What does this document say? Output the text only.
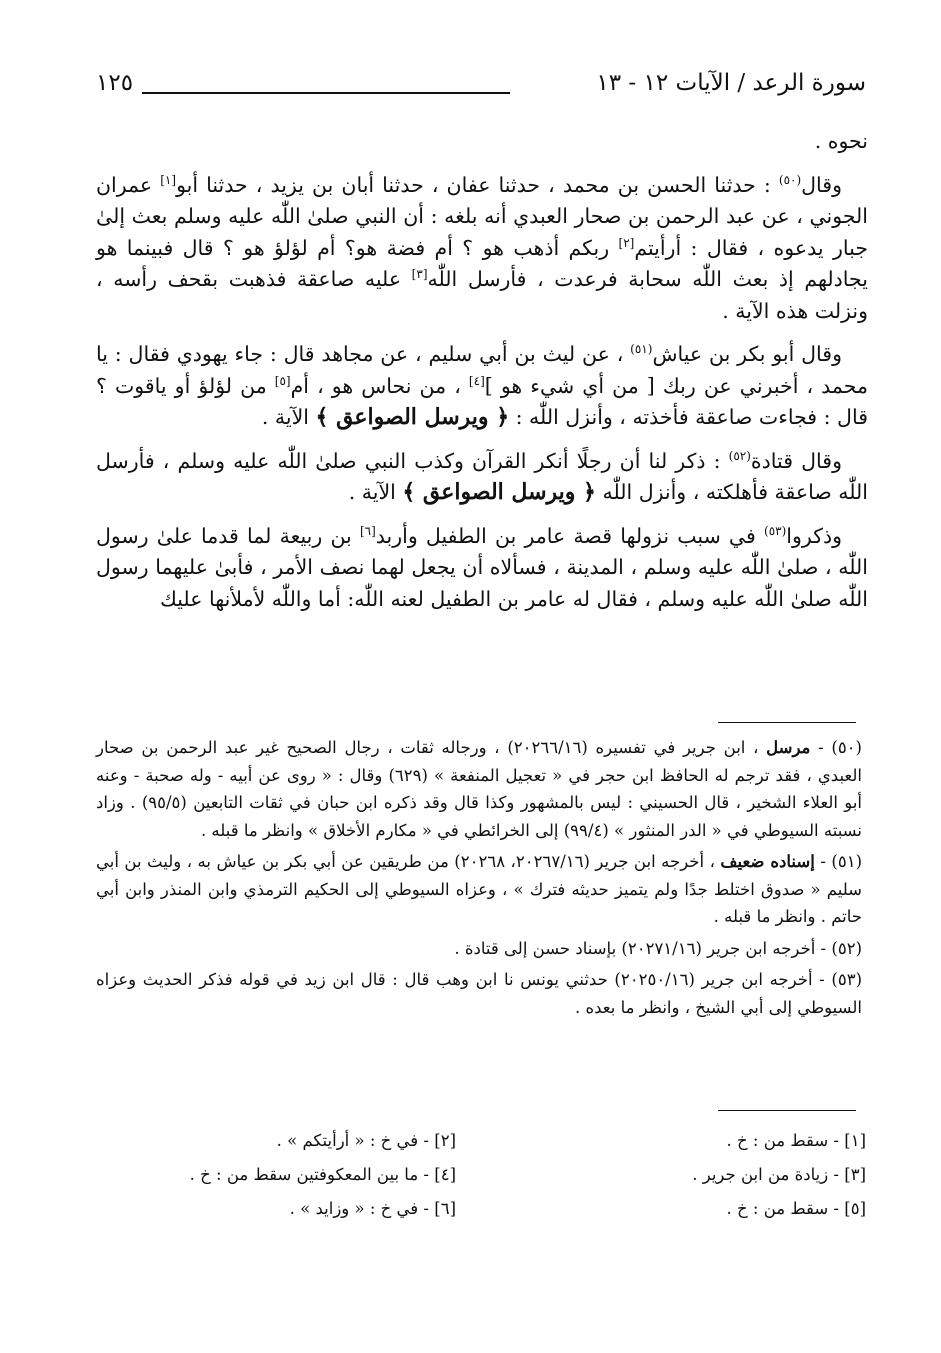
سورة الرعد / الآيات ١٢ - ١٣
١٢٥

نحوه .

وقال$^{(٥٠)}$ : حدثنا الحسن بن محمد ، حدثنا عفان ، حدثنا أبان بن يزيد ، حدثنا أبو[١] عمران الجوني ، عن عبد الرحمن بن صحار العبدي أنه بلغه : أن النبي صلىٰ اللّٰه عليه وسلم بعث إلىٰ جبار يدعوه ، فقال : أرأيتم[٢] ربكم أذهب هو ؟ أم فضة هو؟ أم لؤلؤ هو ؟ قال فبينما هو يجادلهم إذ بعث اللّٰه سحابة فرعدت ، فأرسل اللّٰه[٣] عليه صاعقة فذهبت بقحف رأسه ، ونزلت هذه الآية .

وقال أبو بكر بن عياش$^{(٥١)}$ ، عن ليث بن أبي سليم ، عن مجاهد قال : جاء يهودي فقال : يا محمد ، أخبرني عن ربك [ من أي شيء هو ][٤] ، من نحاس هو ، أم[٥] من لؤلؤ أو ياقوت ؟ قال : فجاءت صاعقة فأخذته ، وأنزل اللّٰه : ﴿ ويرسل الصواعق ﴾ الآية .

وقال قتادة$^{(٥٢)}$ : ذكر لنا أن رجلًا أنكر القرآن وكذب النبي صلىٰ اللّٰه عليه وسلم ، فأرسل اللّٰه صاعقة فأهلكته ، وأنزل اللّٰه ﴿ ويرسل الصواعق ﴾ الآية .

وذكروا$^{(٥٣)}$ في سبب نزولها قصة عامر بن الطفيل وأربد[٦] بن ربيعة لما قدما علىٰ رسول اللّٰه ، صلىٰ اللّٰه عليه وسلم ، المدينة ، فسألاه أن يجعل لهما نصف الأمر ، فأبىٰ عليهما رسول اللّٰه صلىٰ اللّٰه عليه وسلم ، فقال له عامر بن الطفيل لعنه اللّٰه: أما واللّٰه لأملأنها عليك

(٥٠) - مرسل ، ابن جرير في تفسيره (٢٠٢٦٦/١٦) ، ورجاله ثقات ، رجال الصحيح غير عبد الرحمن بن صحار العبدي ، فقد ترجم له الحافظ ابن حجر في « تعجيل المنفعة » (٦٢٩) وقال : « روى عن أبيه - وله صحبة - وعنه أبو العلاء الشخير ، قال الحسيني : ليس بالمشهور وكذا قال وقد ذكره ابن حبان في ثقات التابعين (٩٥/٥) . وزاد نسبته السيوطي في « الدر المنثور » (٩٩/٤) إلى الخرائطي في « مكارم الأخلاق » وانظر ما قبله .
(٥١) - إسناده ضعيف ، أخرجه ابن جرير (٢٠٢٦٧/١٦، ٢٠٢٦٨) من طريقين عن أبي بكر بن عياش به ، وليث بن أبي سليم « صدوق اختلط جدًا ولم يتميز حديثه فترك » ، وعزاه السيوطي إلى الحكيم الترمذي وابن المنذر وابن أبي حاتم . وانظر ما قبله .
(٥٢) - أخرجه ابن جرير (٢٠٢٧١/١٦) بإسناد حسن إلى قتادة .
(٥٣) - أخرجه ابن جرير (٢٠٢٥٠/١٦) حدثني يونس نا ابن وهب قال : قال ابن زيد في قوله فذكر الحديث وعزاه السيوطي إلى أبي الشيخ ، وانظر ما بعده .
[١] - سقط من : خ .
[٢] - في خ : « أرأيتكم » .
[٣] - زيادة من ابن جرير .
[٤] - ما بين المعكوفتين سقط من : خ .
[٥] - سقط من : خ .
[٦] - في خ : « وزايد » .
